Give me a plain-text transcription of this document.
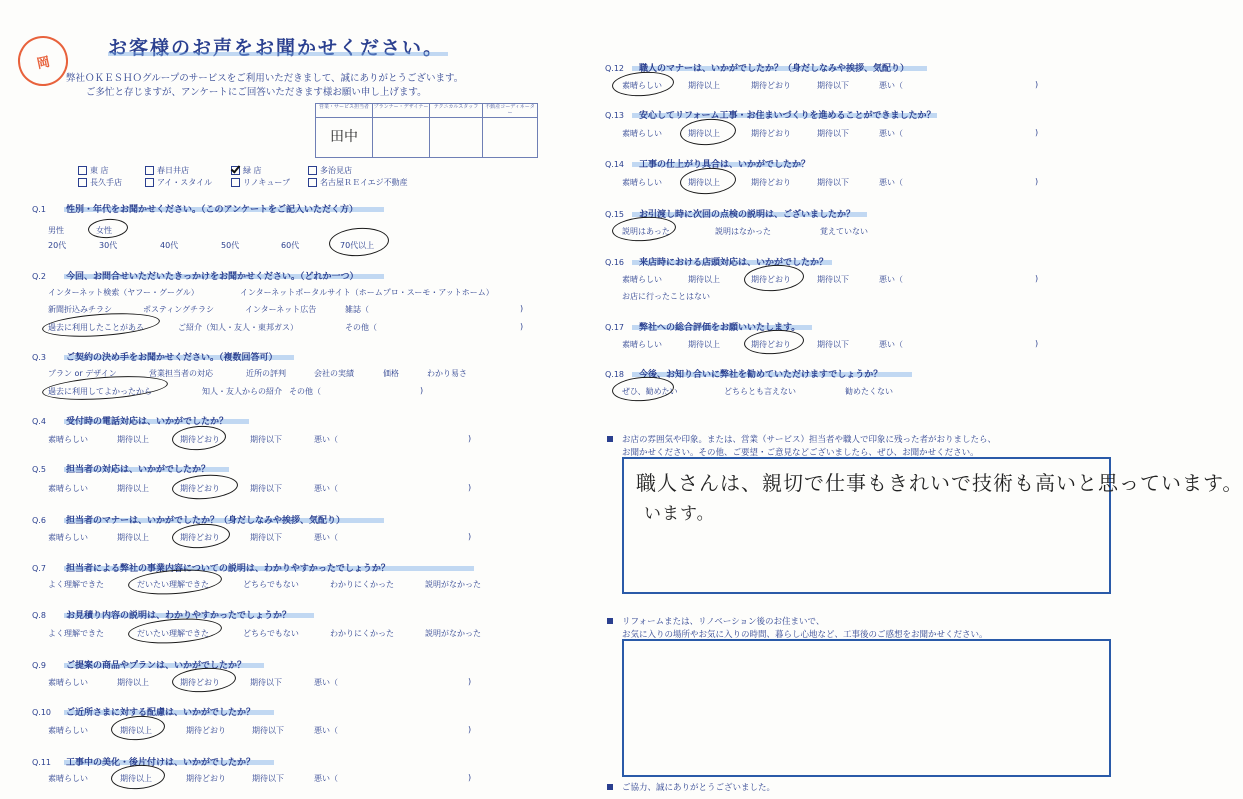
岡
お客様のお声をお聞かせください。
弊社ＯＫＥＳＨＯグループのサービスをご利用いただきまして、誠にありがとうございます。
ご多忙と存じますが、アンケートにご回答いただきます様お願い申し上げます。
営業・サービス担当者 プランナー・デザイナー	テクニカルスタッフ	不動産コーディネーター
田中
東 店	春日井店	緑 店	多治見店
長久手店	アイ・スタイル	リノキューブ	名古屋ＲＥイエジ不動産
Q.1 性別・年代をお聞かせください。（このアンケートをご記入いただく方）
男性	女性
20代	30代	40代	50代	60代	70代以上
Q.2 今回、お問合せいただいたきっかけをお聞かせください。（どれか一つ）
インターネット検索（ヤフー・グーグル）	インターネットポータルサイト（ホームプロ・スーモ・アットホーム）
新聞折込みチラシ	ポスティングチラシ	インターネット広告	雑誌（	)
過去に利用したことがある	ご紹介（知人・友人・東邦ガス）	その他（	)
Q.3 ご契約の決め手をお聞かせください。（複数回答可）
プラン or デザイン	営業担当者の対応	近所の評判	会社の実績	価格	わかり易さ
過去に利用してよかったから	知人・友人からの紹介 その他（	)
Q.4 受付時の電話対応は、いかがでしたか？
素晴らしい	期待以上	期待どおり	期待以下	悪い（	)
Q.5 担当者の対応は、いかがでしたか？
素晴らしい	期待以上	期待どおり	期待以下	悪い（	)
Q.6 担当者のマナーは、いかがでしたか？（身だしなみや挨拶、気配り）
素晴らしい	期待以上	期待どおり	期待以下	悪い（	)
Q.7 担当者による弊社の事業内容についての説明は、わかりやすかったでしょうか？
よく理解できた	だいたい理解できた	どちらでもない	わかりにくかった	説明がなかった
Q.8 お見積り内容の説明は、わかりやすかったでしょうか？
よく理解できた	だいたい理解できた	どちらでもない	わかりにくかった	説明がなかった
Q.9 ご提案の商品やプランは、いかがでしたか？
素晴らしい	期待以上	期待どおり	期待以下	悪い（	)
Q.10 ご近所さまに対する配慮は、いかがでしたか？
素晴らしい	期待以上	期待どおり	期待以下	悪い（	)
Q.11 工事中の美化・後片付けは、いかがでしたか？
素晴らしい	期待以上	期待どおり	期待以下	悪い（	)
Q.12 職人のマナーは、いかがでしたか？（身だしなみや挨拶、気配り）
素晴らしい	期待以上	期待どおり	期待以下	悪い（	)
Q.13 安心してリフォーム工事・お住まいづくりを進めることができましたか？
素晴らしい	期待以上	期待どおり	期待以下	悪い（	)
Q.14 工事の仕上がり具合は、いかがでしたか？
素晴らしい	期待以上	期待どおり	期待以下	悪い（	)
Q.15 お引渡し時に次回の点検の説明は、ございましたか？
説明はあった	説明はなかった	覚えていない
Q.16 来店時における店頭対応は、いかがでしたか？
素晴らしい	期待以上	期待どおり	期待以下	悪い（	)
お店に行ったことはない
Q.17 弊社への総合評価をお願いいたします。
素晴らしい	期待以上	期待どおり	期待以下	悪い（	)
Q.18 今後、お知り合いに弊社を勧めていただけますでしょうか？
ぜひ、勧めたい	どちらとも言えない	勧めたくない
お店の雰囲気や印象。または、営業（サービス）担当者や職人で印象に残った者がおりましたら、
お聞かせください。その他、ご要望・ご意見などございましたら、ぜひ、お聞かせください。
職人さんは、親切で仕事もきれいで技術も高いと思っています。
います。
リフォームまたは、リノベーション後のお住まいで、
お気に入りの場所やお気に入りの時間、暮らし心地など、工事後のご感想をお聞かせください。
ご協力、誠にありがとうございました。
